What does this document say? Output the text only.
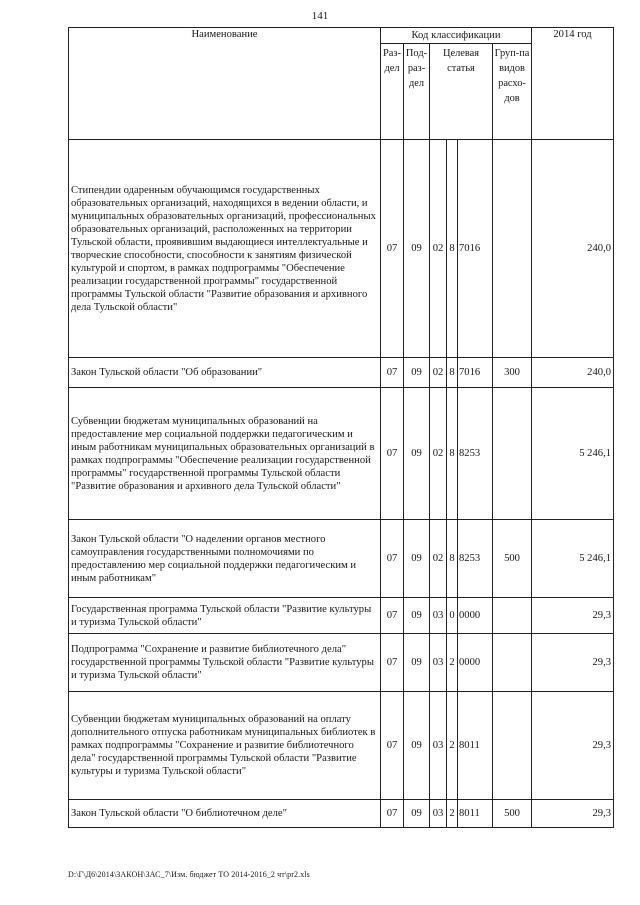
141
Наименование	Код классификации						2014 год
	Раз-дел	Под-раз-дел	Целевая статья			Груп-па видов расхо-дов	
Стипендии одаренным обучающимся государственных образовательных организаций, находящихся в ведении области, и муниципальных образовательных организаций, профессиональных образовательных организаций, расположенных на территории Тульской области, проявившим выдающиеся интеллектуальные и творческие способности, способности к занятиям физической культурой и спортом, в рамках подпрограммы "Обеспечение реализации государственной программы" государственной программы Тульской области "Развитие образования и архивного дела Тульской области"	07	09	02	8	7016		240,0
Закон Тульской области "Об образовании"	07	09	02	8	7016	300	240,0
Субвенции бюджетам муниципальных образований на предоставление мер социальной поддержки педагогическим и иным работникам муниципальных образовательных организаций в рамках подпрограммы "Обеспечение реализации государственной программы" государственной программы Тульской области "Развитие образования и архивного дела Тульской области"	07	09	02	8	8253		5 246,1
Закон Тульской области "О наделении органов местного самоуправления государственными полномочиями по предоставлению мер социальной поддержки педагогическим и иным работникам"	07	09	02	8	8253	500	5 246,1
Государственная программа Тульской области "Развитие культуры и туризма Тульской области"	07	09	03	0	0000		29,3
Подпрограмма "Сохранение и развитие библиотечного дела" государственной программы Тульской области "Развитие культуры и туризма Тульской области"	07	09	03	2	0000		29,3
Субвенции бюджетам муниципальных образований на оплату дополнительного отпуска работникам муниципальных библиотек в рамках подпрограммы "Сохранение и развитие библиотечного дела" государственной программы Тульской области "Развитие культуры и туризма Тульской области"	07	09	03	2	8011		29,3
Закон Тульской области "О библиотечном деле"	07	09	03	2	8011	500	29,3
D:\Г\Д6\2014\ЗАКОН\ЗАС_7\Изм. бюджет ТО 2014-2016_2 чт\pr2.xls
